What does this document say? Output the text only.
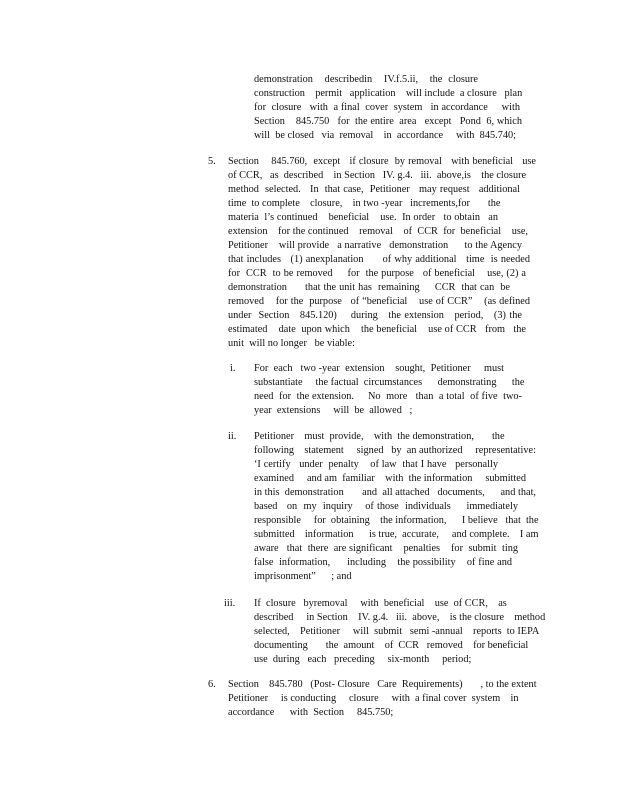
demonstration    describedin    IV.f.5.ii,    the  closure
construction    permit   application    will include  a closure   plan
for  closure   with  a final  cover  system   in accordance     with
Section    845.750   for  the entire  area   except   Pond  6, which
will  be closed   via  removal    in  accordance     with  845.740;
5. Section    845.760,  except   if closure  by removal   with beneficial   use
of CCR,   as  described    in Section   IV. g.4.   iii.  above,is    the closure
method  selected.   In  that case,  Petitioner   may request   additional
time  to complete    closure,    in two -year   increments,for       the
materia  l’s continued    beneficial    use.  In order   to obtain   an
extension    for the continued    removal    of  CCR  for  beneficial    use,
Petitioner    will provide   a narrative   demonstration      to the Agency
that includes   (1) anexplanation      of why additional   time  is needed
for  CCR  to be removed     for  the purpose   of beneficial    use, (2) a
demonstration      that the unit has  remaining     CCR  that can  be
removed    for the  purpose   of “beneficial    use of CCR”    (as defined
under  Section   845.120)    during   the extension   period,   (3) the
estimated    date  upon which    the beneficial    use of CCR   from   the
unit  will no longer   be viable:
i. For  each   two -year  extension    sought,  Petitioner     must
substantiate     the factual  circumstances      demonstrating      the
need  for  the extension.     No  more   than  a total  of five  two-
year  extensions     will  be  allowed   ;
ii. Petitioner    must  provide,    with  the demonstration,       the
following    statement     signed   by  an authorized     representative:
‘I certify   under  penalty    of law  that I have   personally
examined     and am  familiar    with  the information     submitted
in this  demonstration       and  all attached   documents,      and that,
based   on  my  inquiry    of those  individuals     immediately
responsible     for  obtaining    the information,      I believe   that  the
submitted    information      is true,  accurate,     and complete.    I am
aware   that  there  are significant    penalties    for  submit  ting
false  information,      including    the possibility    of fine and
imprisonment”      ; and
iii. If  closure   byremoval     with  beneficial    use  of CCR,    as
described     in Section    IV. g.4.   iii.  above,    is the closure    method
selected,    Petitioner     will  submit   semi -annual    reports  to IEPA
documenting       the  amount    of  CCR   removed    for beneficial
use  during   each   preceding     six-month     period;
6. Section    845.780   (Post- Closure   Care  Requirements)       , to the extent
Petitioner     is conducting     closure     with  a final cover  system    in
accordance      with  Section     845.750;
